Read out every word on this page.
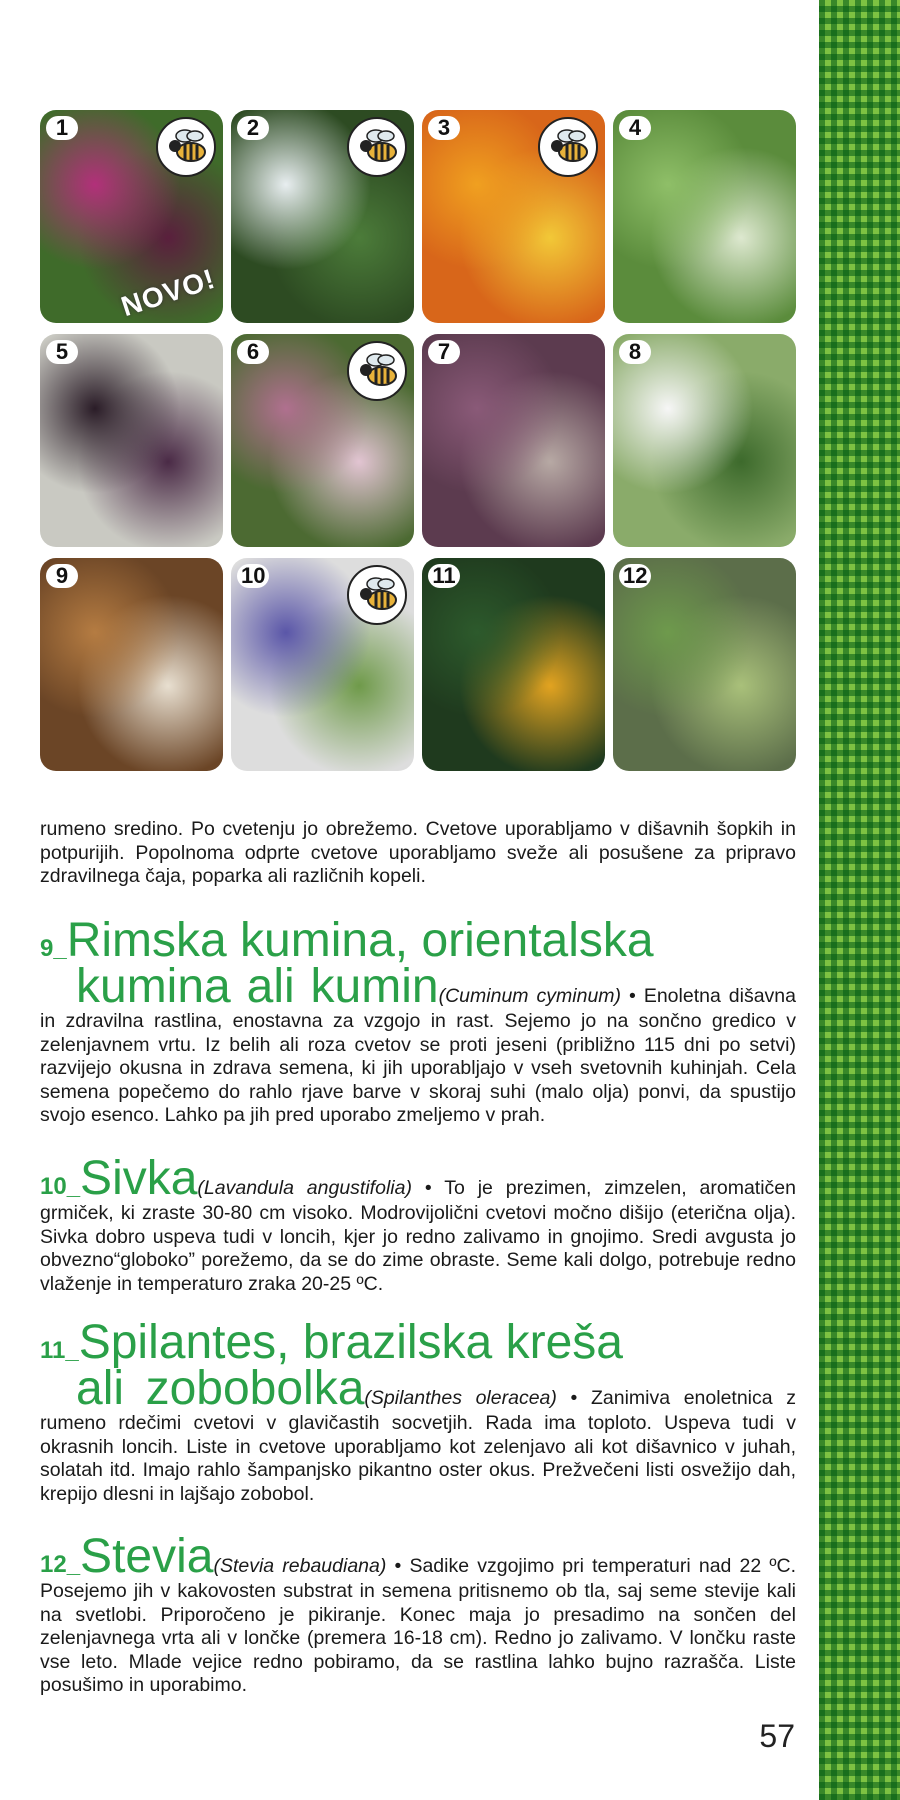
1
NOVO!
2	3	4
5	6	7	8
9	10	11	12
rumeno sredino. Po cvetenju jo obrežemo. Cvetove uporabljamo v dišavnih šopkih in potpurijih. Popolnoma odprte cvetove uporabljamo sveže ali posušene za pripravo zdravilnega čaja, poparka ali različnih kopeli.
9_Rimska kumina, orientalska
kumina ali kumin(Cuminum cyminum) • Enoletna dišavna in zdravilna rastlina, enostavna za vzgojo in rast. Sejemo jo na sončno gredico v zelenjavnem vrtu. Iz belih ali roza cvetov se proti jeseni (približno 115 dni po setvi) razvijejo okusna in zdrava semena, ki jih uporabljajo v vseh svetovnih kuhinjah. Cela semena popečemo do rahlo rjave barve v skoraj suhi (malo olja) ponvi, da spustijo svojo esenco. Lahko pa jih pred uporabo zmeljemo v prah.
10_Sivka(Lavandula angustifolia) • To je prezimen, zimzelen, aromatičen grmiček, ki zraste 30-80 cm visoko. Modrovijolični cvetovi močno dišijo (eterična olja). Sivka dobro uspeva tudi v loncih, kjer jo redno zalivamo in gnojimo. Sredi avgusta jo obvezno“globoko” porežemo, da se do zime obraste. Seme kali dolgo, potrebuje redno vlaženje in temperaturo zraka 20-25 ºC.
11_Spilantes, brazilska kreša
ali zobobolka(Spilanthes oleracea) • Zanimiva enoletnica z rumeno rdečimi cvetovi v glavičastih socvetjih. Rada ima toploto. Uspeva tudi v okrasnih loncih. Liste in cvetove uporabljamo kot zelenjavo ali kot dišavnico v juhah, solatah itd. Imajo rahlo šampanjsko pikantno oster okus. Prežvečeni listi osvežijo dah, krepijo dlesni in lajšajo zobobol.
12_Stevia(Stevia rebaudiana) • Sadike vzgojimo pri temperaturi nad 22 ºC. Posejemo jih v kakovosten substrat in semena pritisnemo ob tla, saj seme stevije kali na svetlobi. Priporočeno je pikiranje. Konec maja jo presadimo na sončen del zelenjavnega vrta ali v lončke (premera 16-18 cm). Redno jo zalivamo. V lončku raste vse leto. Mlade vejice redno pobiramo, da se rastlina lahko bujno razrašča. Liste posušimo in uporabimo.
57
